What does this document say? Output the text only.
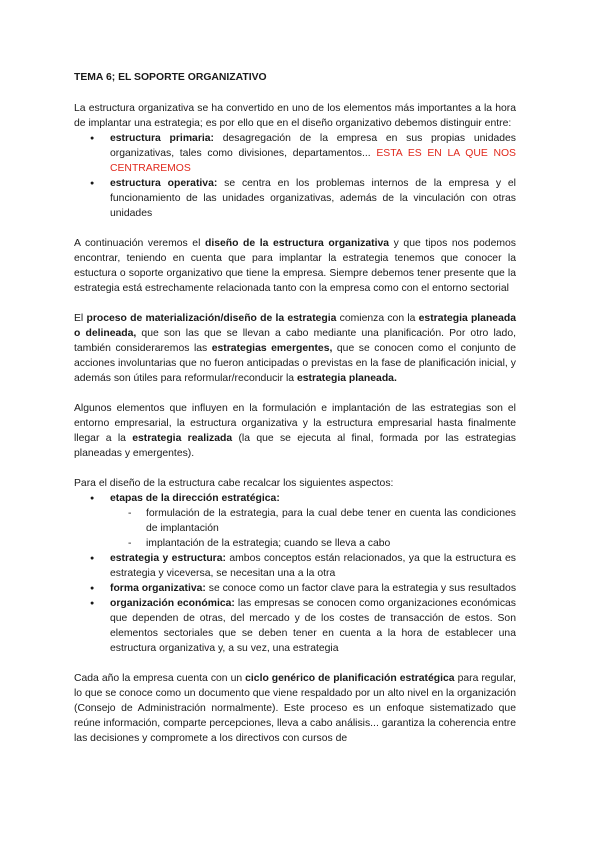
TEMA 6; EL SOPORTE ORGANIZATIVO

La estructura organizativa se ha convertido en uno de los elementos más importantes a la hora de implantar una estrategia; es por ello que en el diseño organizativo debemos distinguir entre:

● estructura primaria: desagregación de la empresa en sus propias unidades organizativas, tales como divisiones, departamentos... ESTA ES EN LA QUE NOS CENTRAREMOS
● estructura operativa: se centra en los problemas internos de la empresa y el funcionamiento de las unidades organizativas, además de la vinculación con otras unidades

A continuación veremos el diseño de la estructura organizativa y que tipos nos podemos encontrar, teniendo en cuenta que para implantar la estrategia tenemos que conocer la estuctura o soporte organizativo que tiene la empresa. Siempre debemos tener presente que la estrategia está estrechamente relacionada tanto con la empresa como con el entorno sectorial

El proceso de materialización/diseño de la estrategia comienza con la estrategia planeada o delineada, que son las que se llevan a cabo mediante una planificación. Por otro lado, también consideraremos las estrategias emergentes, que se conocen como el conjunto de acciones involuntarias que no fueron anticipadas o previstas en la fase de planificación inicial, y además son útiles para reformular/reconducir la estrategia planeada.

Algunos elementos que influyen en la formulación e implantación de las estrategias son el entorno empresarial, la estructura organizativa y la estructura empresarial hasta finalmente llegar a la estrategia realizada (la que se ejecuta al final, formada por las estrategias planeadas y emergentes).

Para el diseño de la estructura cabe recalcar los siguientes aspectos:

● etapas de la dirección estratégica:
- formulación de la estrategia, para la cual debe tener en cuenta las condiciones de implantación
- implantación de la estrategia; cuando se lleva a cabo
● estrategia y estructura: ambos conceptos están relacionados, ya que la estructura es estrategia y viceversa, se necesitan una a la otra
● forma organizativa: se conoce como un factor clave para la estrategia y sus resultados
● organización económica: las empresas se conocen como organizaciones económicas que dependen de otras, del mercado y de los costes de transacción de estos. Son elementos sectoriales que se deben tener en cuenta a la hora de establecer una estructura organizativa y, a su vez, una estrategia

Cada año la empresa cuenta con un ciclo genérico de planificación estratégica para regular, lo que se conoce como un documento que viene respaldado por un alto nivel en la organización (Consejo de Administración normalmente). Este proceso es un enfoque sistematizado que reúne información, comparte percepciones, lleva a cabo análisis... garantiza la coherencia entre las decisiones y compromete a los directivos con cursos de
